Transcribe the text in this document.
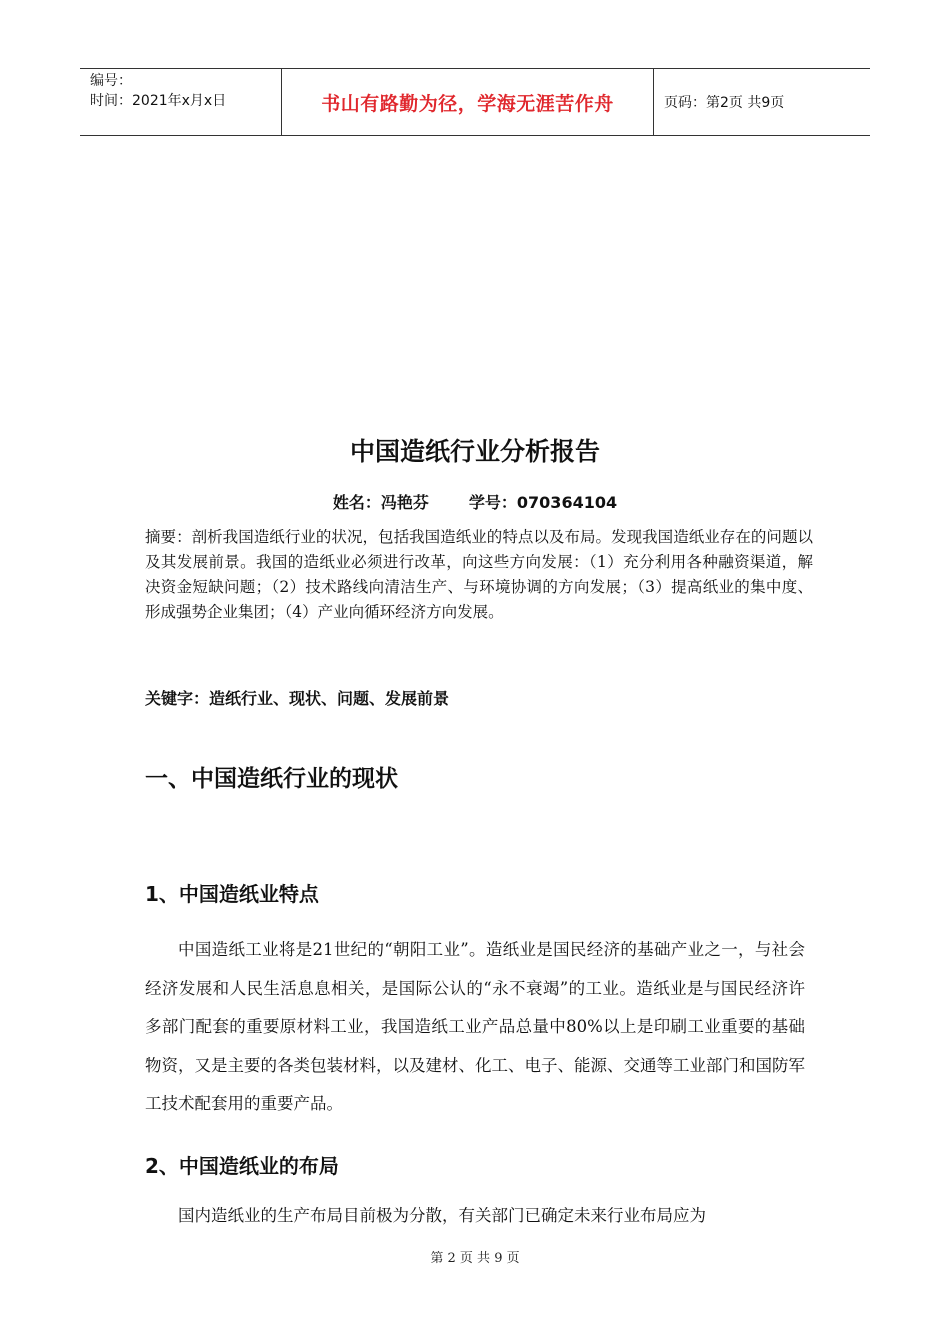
编号：
时间：2021年x月x日	书山有路勤为径，学海无涯苦作舟	页码：第2页 共9页
中国造纸行业分析报告
姓名：冯艳芬	学号：070364104
摘要：剖析我国造纸行业的状况，包括我国造纸业的特点以及布局。发现我国造纸业存在的问题以及其发展前景。我国的造纸业必须进行改革，向这些方向发展：（1）充分利用各种融资渠道，解决资金短缺问题；（2）技术路线向清洁生产、与环境协调的方向发展；（3）提高纸业的集中度、形成强势企业集团；（4）产业向循环经济方向发展。
关键字：造纸行业、现状、问题、发展前景
一、中国造纸行业的现状
1、中国造纸业特点
中国造纸工业将是21世纪的“朝阳工业”。造纸业是国民经济的基础产业之一，与社会经济发展和人民生活息息相关，是国际公认的“永不衰竭”的工业。造纸业是与国民经济许多部门配套的重要原材料工业，我国造纸工业产品总量中80%以上是印刷工业重要的基础物资，又是主要的各类包装材料，以及建材、化工、电子、能源、交通等工业部门和国防军工技术配套用的重要产品。
2、中国造纸业的布局
国内造纸业的生产布局目前极为分散，有关部门已确定未来行业布局应为
第 2 页 共 9 页
